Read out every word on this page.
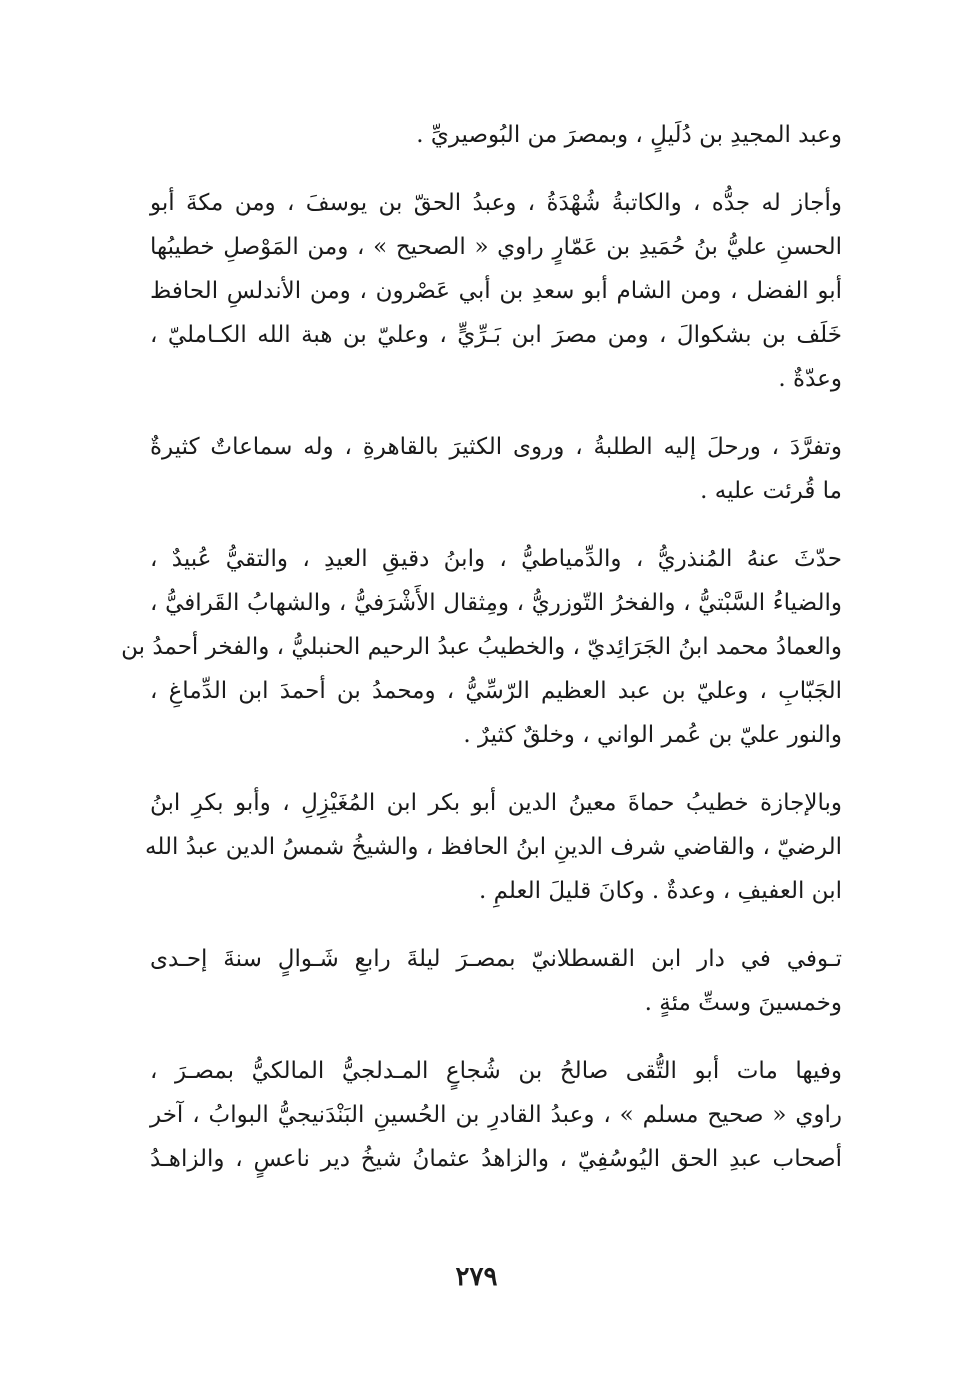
وعبد المجيدِ بن دُلَيلٍ ، وبمصرَ من البُوصيريِّ .
وأجاز له جدُّه ، والكاتبةُ شُهْدَةُ ، وعبدُ الحقّ بن يوسفَ ، ومن مكةَ أبو
الحسنِ عليُّ بنُ حُمَيدِ بن عَمّارٍ راوي « الصحيح » ، ومن المَوْصلِ خطيبُها
أبو الفضل ، ومن الشام أبو سعدِ بن أبي عَصْرون ، ومن الأندلسِ الحافظ
خَلَف بن بشكوالَ ، ومن مصرَ ابن بَـرِّيٍّ ، وعليّ بن هبة الله الكـامليّ ،
وعدّةٌ .
وتفرَّدَ ، ورحلَ إليه الطلبةُ ، وروى الكثيرَ بالقاهرةِ ، وله سماعاتٌ كثيرةٌ
ما قُرئت عليه .
حدّثَ عنهُ المُنذريُّ ، والدِّمياطيُّ ، وابنُ دقيقِ العيدِ ، والتقيُّ عُبيدٌ ،
والضياءُ السَّبْتيُّ ، والفخرُ التّوزريُّ ، ومِثقال الأَشْرَفيُّ ، والشهابُ القَرافيُّ ،
والعمادُ محمد ابنُ الجَرَائِديّ ، والخطيبُ عبدُ الرحيم الحنبليُّ ، والفخر أحمدُ بن
الجَبّابِ ، وعليّ بن عبد العظيم الرّسِّيُّ ، ومحمدُ بن أحمدَ ابن الدِّماغِ ،
والنور عليّ بن عُمر الواني ، وخلقٌ كثيرٌ .
وبالإجازة خطيبُ حماةَ معينُ الدين أبو بكر ابن المُغَيْزِلِ ، وأبو بكرِ ابنُ
الرضيّ ، والقاضي شرف الدينِ ابنُ الحافظ ، والشيخُ شمسُ الدين عبدُ الله
ابن العفيفِ ، وعدةٌ . وكانَ قليلَ العلمِ .
تـوفي في دار ابن القسطلانيّ بمصـرَ ليلةَ رابعِ شَـوالٍ سنةَ إحـدى
وخمسينَ وستِّ مئةٍ .
وفيها مات أبو التُّقى صالحُ بن شُجاعٍ المـدلجيُّ المالكيُّ بمصـرَ ،
راوي « صحيح مسلم » ، وعبدُ القادرِ بن الحُسينِ البَنْدَنيجيُّ البوابُ ، آخر
أصحاب عبدِ الحق اليُوسُفِيّ ، والزاهدُ عثمانُ شيخُ دير ناعسٍ ، والزاهـدُ
٢٧٩
